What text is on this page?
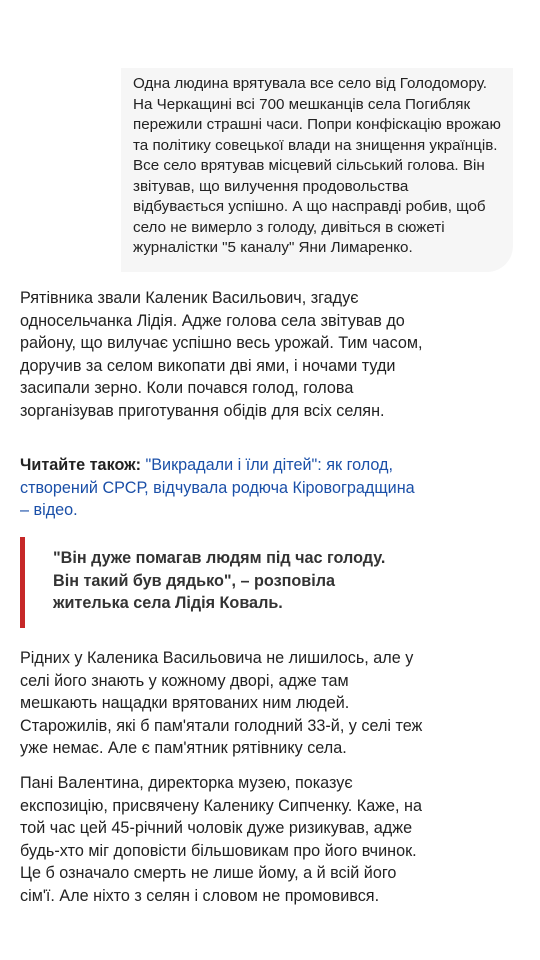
Одна людина врятувала все село від Голодомору. На Черкащині всі 700 мешканців села Погибляк пережили страшні часи. Попри конфіскацію врожаю та політику совецької влади на знищення українців. Все село врятував місцевий сільський голова. Він звітував, що вилучення продовольства відбувається успішно. А що насправді робив, щоб село не вимерло з голоду, дивіться в сюжеті журналістки "5 каналу" Яни Лимаренко.

Рятівника звали Каленик Васильович, згадує односельчанка Лідія. Адже голова села звітував до району, що вилучає успішно весь урожай. Тим часом, доручив за селом викопати дві ями, і ночами туди засипали зерно. Коли почався голод, голова зорганізував приготування обідів для всіх селян.

Читайте також: "Викрадали і їли дітей": як голод, створений СРСР, відчувала родюча Кіровоградщина – відео.

"Він дуже помагав людям під час голоду. Він такий був дядько", – розповіла жителька села Лідія Коваль.

Рідних у Каленика Васильовича не лишилось, але у селі його знають у кожному дворі, адже там мешкають нащадки врятованих ним людей. Старожилів, які б пам'ятали голодний 33-й, у селі теж уже немає. Але є пам'ятник рятівнику села.

Пані Валентина, директорка музею, показує експозицію, присвячену Каленику Сипченку. Каже, на той час цей 45-річний чоловік дуже ризикував, адже будь-хто міг доповісти більшовикам про його вчинок. Це б означало смерть не лише йому, а й всій його сім'ї. Але ніхто з селян і словом не промовився.
